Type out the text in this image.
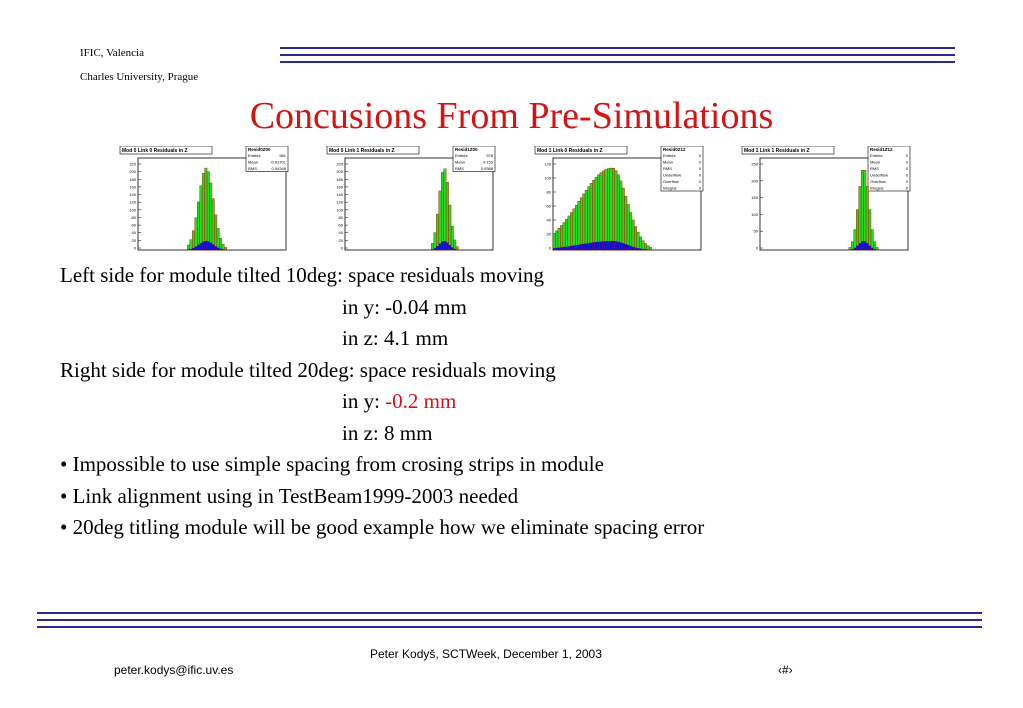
IFIC, Valencia
Charles University, Prague
Concusions From Pre-Simulations
Mod 0 Link 0 Residuals in Z	Resid0Z00
Entries	981
Mean	-0.02201
RMS	0.04348
220
200
180
160
140
120
100
80
60
40
20
0
Mod 0 Link 1 Residuals in Z	Resid1Z00
Entries	978
Mean	4.153
RMS	0.9388
220
200
180
160
140
120
100
80
60
40
20
0
Mod 1 Link 0 Residuals in Z	Resid0Z12
Entries	0
Mean	0
RMS	0
Underflow	0
Overflow	0
Integral	0
120
100
80
60
40
20
0
Mod 1 Link 1 Residuals in Z	Resid1Z12
Entries	0
Mean	0
RMS	0
Underflow	0
Overflow	0
Integral	0
250
200
150
100
50
0
Left side for module tilted 10deg: space residuals moving
in y: -0.04 mm
in z: 4.1 mm
Right side for module tilted 20deg: space residuals moving
in y: -0.2 mm
in z: 8 mm
• Impossible to use simple spacing from crosing strips in module
• Link alignment using in TestBeam1999-2003 needed
• 20deg titling module will be good example how we eliminate spacing error
Peter Kodyš, SCTWeek, December 1, 2003
peter.kodys@ific.uv.es	‹#›
